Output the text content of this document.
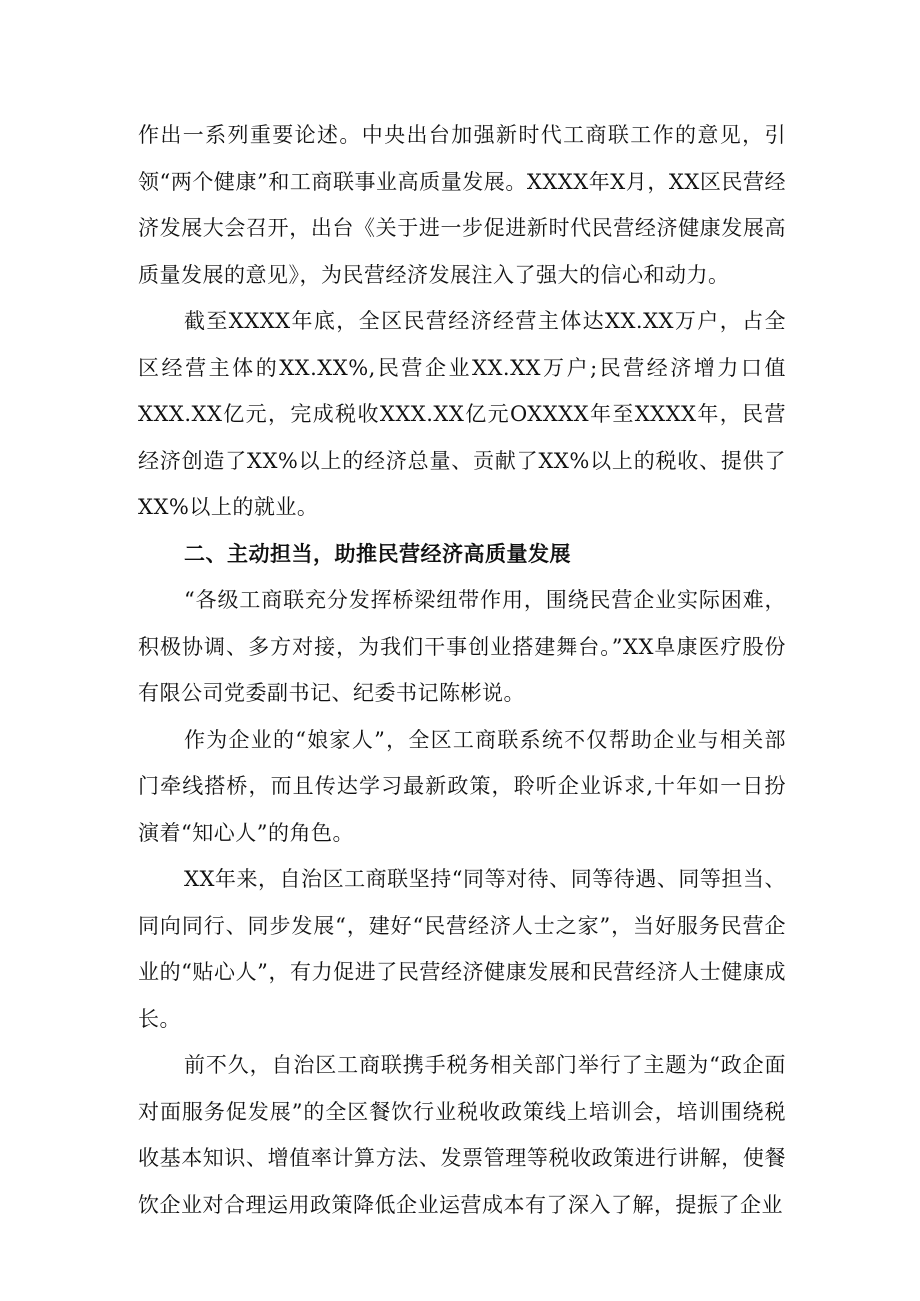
作出一系列重要论述。中央出台加强新时代工商联工作的意见，引领“两个健康”和工商联事业高质量发展。XXXX年X月，XX区民营经济发展大会召开，出台《关于进一步促进新时代民营经济健康发展高质量发展的意见》，为民营经济发展注入了强大的信心和动力。

截至XXXX年底，全区民营经济经营主体达XX.XX万户，占全区经营主体的XX.XX%,民营企业XX.XX万户;民营经济增力口值XXX.XX亿元，完成税收XXX.XX亿元OXXXX年至XXXX年，民营经济创造了XX%以上的经济总量、贡献了XX%以上的税收、提供了XX%以上的就业。

二、主动担当，助推民营经济高质量发展

“各级工商联充分发挥桥梁纽带作用，围绕民营企业实际困难，积极协调、多方对接，为我们干事创业搭建舞台。”XX阜康医疗股份有限公司党委副书记、纪委书记陈彬说。

作为企业的“娘家人”，全区工商联系统不仅帮助企业与相关部门牵线搭桥，而且传达学习最新政策，聆听企业诉求,十年如一日扮演着“知心人”的角色。

XX年来，自治区工商联坚持“同等对待、同等待遇、同等担当、同向同行、同步发展“，建好“民营经济人士之家”，当好服务民营企业的“贴心人”，有力促进了民营经济健康发展和民营经济人士健康成长。

前不久，自治区工商联携手税务相关部门举行了主题为“政企面对面服务促发展”的全区餐饮行业税收政策线上培训会，培训围绕税收基本知识、增值率计算方法、发票管理等税收政策进行讲解，使餐饮企业对合理运用政策降低企业运营成本有了深入了解，提振了企业
